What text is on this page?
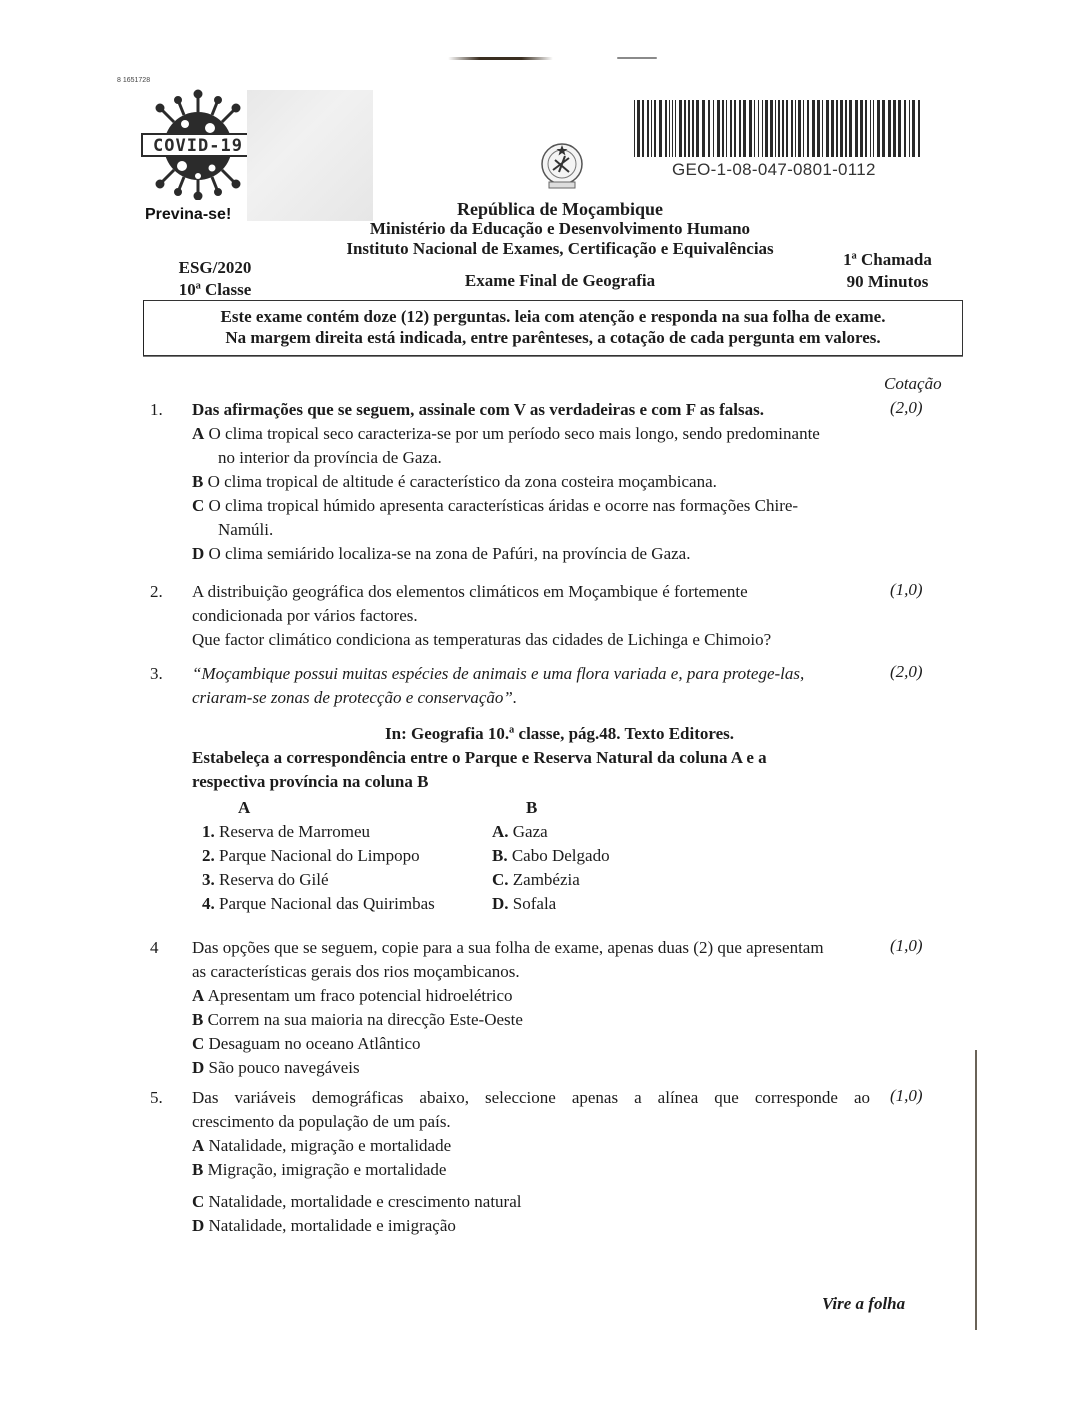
8 1651728
COVID-19
Previna-se!
GEO-1-08-047-0801-0112
República de Moçambique
Ministério da Educação e Desenvolvimento Humano
Instituto Nacional de Exames, Certificação e Equivalências
Exame Final de Geografia
ESG/2020
10ª Classe
1ª Chamada
90 Minutos
Este exame contém doze (12) perguntas. leia com atenção e responda na sua folha de exame.
Na margem direita está indicada, entre parênteses, a cotação de cada pergunta em valores.
Cotação
1. Das afirmações que se seguem, assinale com V as verdadeiras e com F as falsas.
A O clima tropical seco caracteriza-se por um período seco mais longo, sendo predominante
no interior da província de Gaza.
B O clima tropical de altitude é característico da zona costeira moçambicana.
C O clima tropical húmido apresenta características áridas e ocorre nas formações Chire-
Namúli.
D O clima semiárido localiza-se na zona de Pafúri, na província de Gaza.
(2,0)
2. A distribuição geográfica dos elementos climáticos em Moçambique é fortemente
condicionada por vários factores.
Que factor climático condiciona as temperaturas das cidades de Lichinga e Chimoio?
(1,0)
3. “Moçambique possui muitas espécies de animais e uma flora variada e, para protege-las,
criaram-se zonas de protecção e conservação”.
In: Geografia 10.ª classe, pág.48. Texto Editores.
Estabeleça a correspondência entre o Parque e Reserva Natural da coluna A e a
respectiva província na coluna B
A
1. Reserva de Marromeu
2. Parque Nacional do Limpopo
3. Reserva do Gilé
4. Parque Nacional das Quirimbas
B
A. Gaza
B. Cabo Delgado
C. Zambézia
D. Sofala
(2,0)
4 Das opções que se seguem, copie para a sua folha de exame, apenas duas (2) que apresentam
as características gerais dos rios moçambicanos.
A Apresentam um fraco potencial hidroelétrico
B Correm na sua maioria na direcção Este-Oeste
C Desaguam no oceano Atlântico
D São pouco navegáveis
(1,0)
5. Das variáveis demográficas abaixo, seleccione apenas a alínea que corresponde ao
crescimento da população de um país.
A Natalidade, migração e mortalidade
B Migração, imigração e mortalidade
C Natalidade, mortalidade e crescimento natural
D Natalidade, mortalidade e imigração
(1,0)
Vire a folha
